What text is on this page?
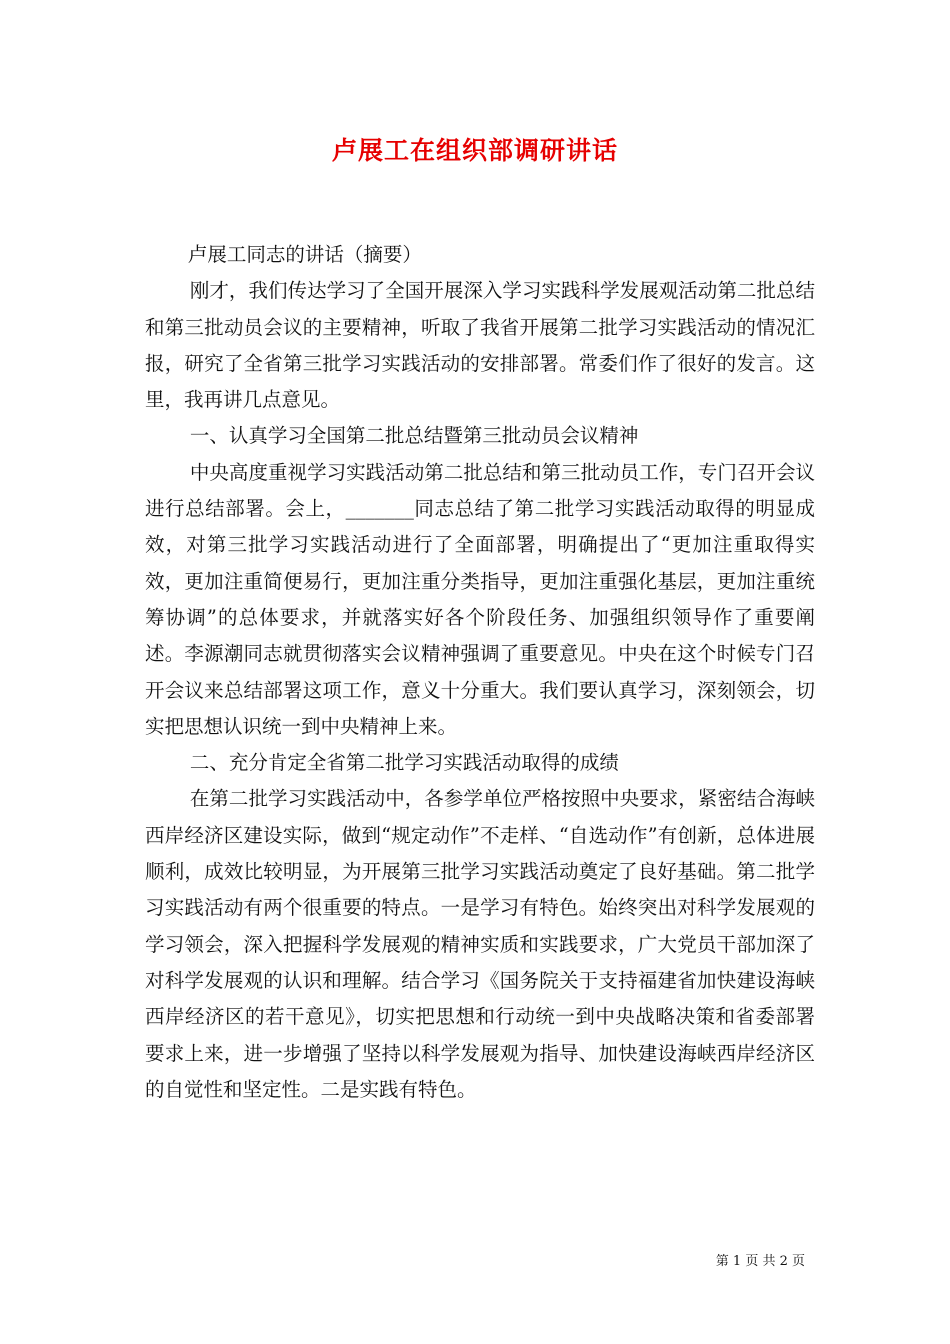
卢展工在组织部调研讲话

卢展工同志的讲话（摘要）

刚才，我们传达学习了全国开展深入学习实践科学发展观活动第二批总结和第三批动员会议的主要精神，听取了我省开展第二批学习实践活动的情况汇报，研究了全省第三批学习实践活动的安排部署。常委们作了很好的发言。这里，我再讲几点意见。

一、认真学习全国第二批总结暨第三批动员会议精神

中央高度重视学习实践活动第二批总结和第三批动员工作，专门召开会议进行总结部署。会上，_______同志总结了第二批学习实践活动取得的明显成效，对第三批学习实践活动进行了全面部署，明确提出了“更加注重取得实效，更加注重简便易行，更加注重分类指导，更加注重强化基层，更加注重统筹协调”的总体要求，并就落实好各个阶段任务、加强组织领导作了重要阐述。李源潮同志就贯彻落实会议精神强调了重要意见。中央在这个时候专门召开会议来总结部署这项工作，意义十分重大。我们要认真学习，深刻领会，切实把思想认识统一到中央精神上来。

二、充分肯定全省第二批学习实践活动取得的成绩

在第二批学习实践活动中，各参学单位严格按照中央要求，紧密结合海峡西岸经济区建设实际，做到“规定动作”不走样、“自选动作”有创新，总体进展顺利，成效比较明显，为开展第三批学习实践活动奠定了良好基础。第二批学习实践活动有两个很重要的特点。一是学习有特色。始终突出对科学发展观的学习领会，深入把握科学发展观的精神实质和实践要求，广大党员干部加深了对科学发展观的认识和理解。结合学习《国务院关于支持福建省加快建设海峡西岸经济区的若干意见》，切实把思想和行动统一到中央战略决策和省委部署要求上来，进一步增强了坚持以科学发展观为指导、加快建设海峡西岸经济区的自觉性和坚定性。二是实践有特色。

第 1 页 共 2 页
